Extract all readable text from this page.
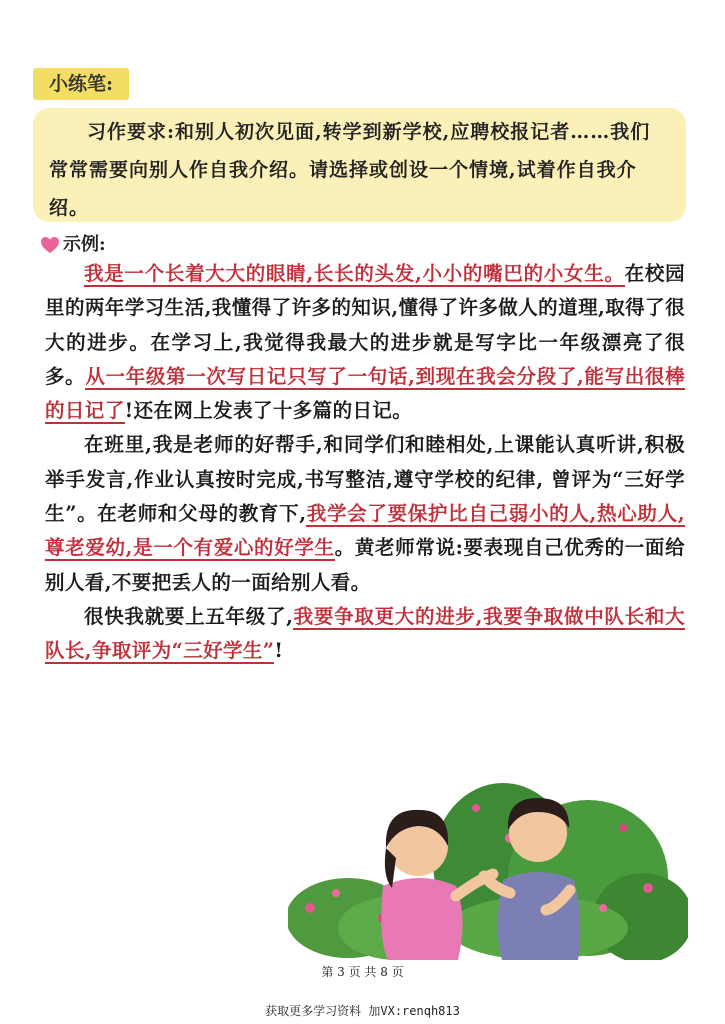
小练笔:

习作要求:和别人初次见面,转学到新学校,应聘校报记者……我们常常需要向别人作自我介绍。请选择或创设一个情境,试着作自我介绍。

示例:

我是一个长着大大的眼睛,长长的头发,小小的嘴巴的小女生。在校园里的两年学习生活,我懂得了许多的知识,懂得了许多做人的道理,取得了很大的进步。在学习上,我觉得我最大的进步就是写字比一年级漂亮了很多。从一年级第一次写日记只写了一句话,到现在我会分段了,能写出很棒的日记了!还在网上发表了十多篇的日记。

在班里,我是老师的好帮手,和同学们和睦相处,上课能认真听讲,积极举手发言,作业认真按时完成,书写整洁,遵守学校的纪律, 曾评为“三好学生”。在老师和父母的教育下,我学会了要保护比自己弱小的人,热心助人,尊老爱幼,是一个有爱心的好学生。黄老师常说:要表现自己优秀的一面给别人看,不要把丢人的一面给别人看。

很快我就要上五年级了,我要争取更大的进步,我要争取做中队长和大队长,争取评为“三好学生”!

第 3 页 共 8 页
获取更多学习资料 加VX:renqh813
